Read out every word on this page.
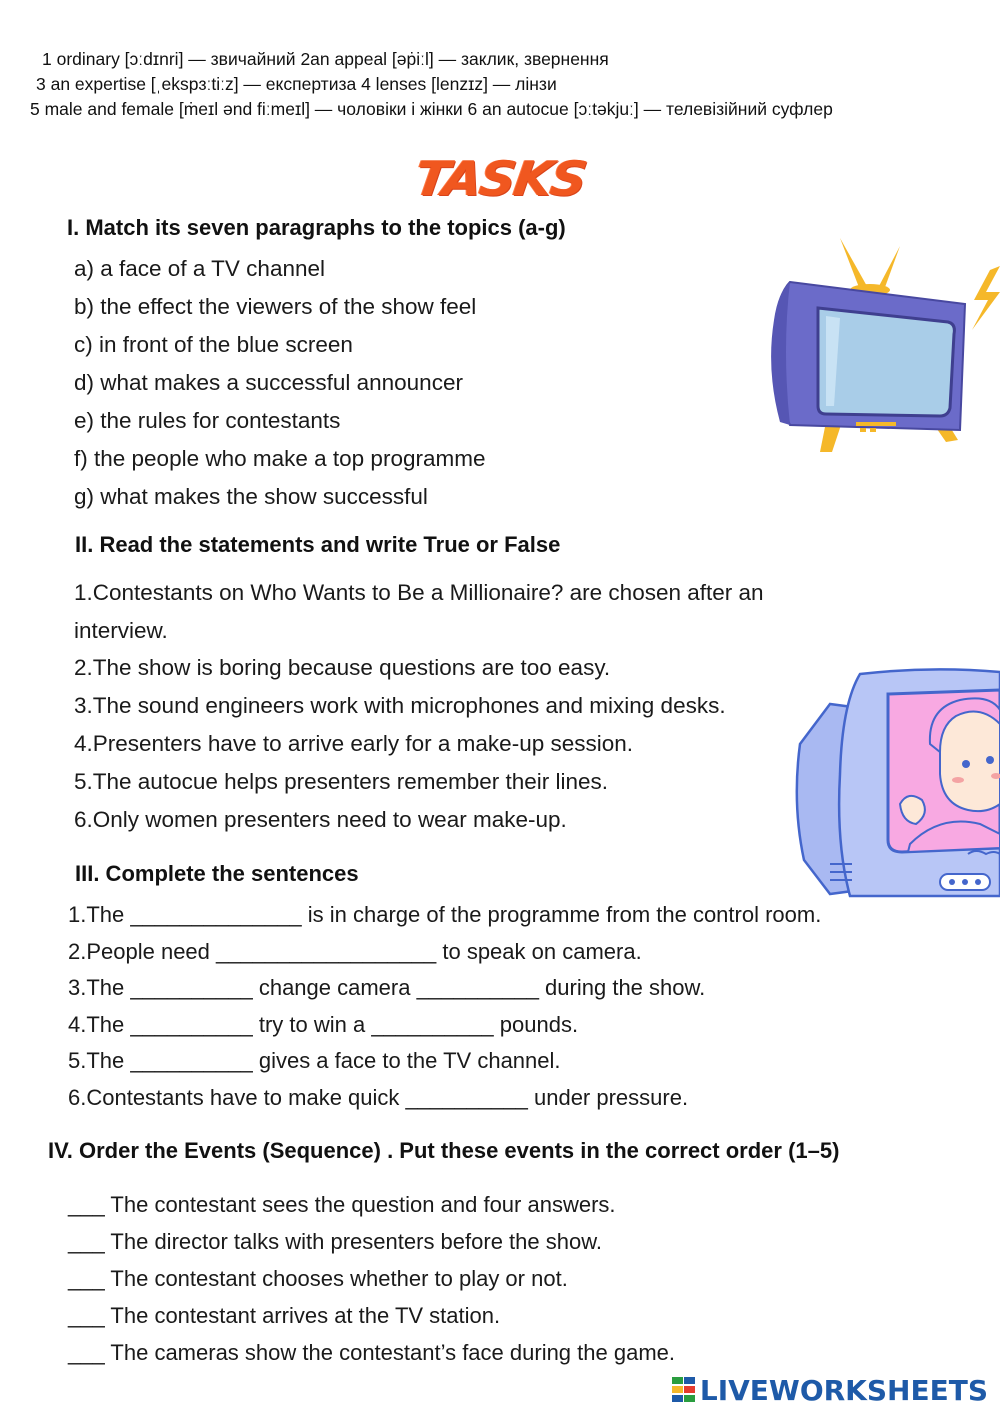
1 ordinary [ɔːdɪnri] — звичайний 2an appeal [əṗiːl] — заклик, звернення
3 an expertise [ˌekspɜːtiːz] — експертиза 4 lenses [lenzɪz] — лінзи
5 male and female [ṁeɪl ənd fiːmeɪl] — чоловіки і жінки 6 an autocue [ɔːtəkjuː] — телевізійний суфлер
TASKS
I. Match its seven paragraphs to the topics (a-g)
a) a face of a TV channel
b) the effect the viewers of the show feel
c) in front of the blue screen
d) what makes a successful announcer
e) the rules for contestants
f) the people who make a top programme
g) what makes the show successful
II. Read the statements and write True or False
1.Contestants on Who Wants to Be a Millionaire? are chosen after an
interview.
2.The show is boring because questions are too easy.
3.The sound engineers work with microphones and mixing desks.
4.Presenters have to arrive early for a make-up session.
5.The autocue helps presenters remember their lines.
6.Only women presenters need to wear make-up.
III. Complete the sentences
1.The ______________ is in charge of the programme from the control room.
2.People need __________________ to speak on camera.
3.The __________ change camera __________ during the show.
4.The __________ try to win a __________ pounds.
5.The __________ gives a face to the TV channel.
6.Contestants have to make quick __________ under pressure.
IV. Order the Events (Sequence) . Put these events in the correct order (1–5)
___ The contestant sees the question and four answers.
___ The director talks with presenters before the show.
___ The contestant chooses whether to play or not.
___ The contestant arrives at the TV station.
___ The cameras show the contestant’s face during the game.
LIVEWORKSHEETS
